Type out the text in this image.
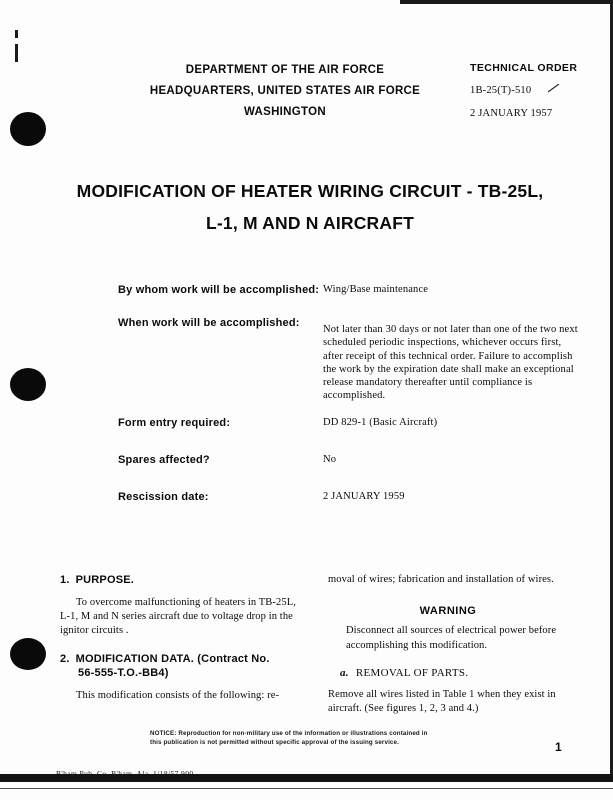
DEPARTMENT OF THE AIR FORCE
HEADQUARTERS, UNITED STATES AIR FORCE
WASHINGTON
TECHNICAL ORDER
1B-25(T)-510
2 JANUARY 1957
MODIFICATION OF HEATER WIRING CIRCUIT - TB-25L,
L-1, M AND N AIRCRAFT
By whom work will be accomplished: Wing/Base maintenance
When work will be accomplished:
Not later than 30 days or not later than one of the two next scheduled periodic inspections, whichever occurs first, after receipt of this technical order. Failure to accomplish the work by the expiration date shall make an exceptional release mandatory thereafter until compliance is accomplished.
Form entry required:	DD 829-1 (Basic Aircraft)
Spares affected?	No
Rescission date:	2 JANUARY 1959
1. PURPOSE.
To overcome malfunctioning of heaters in TB-25L, L-1, M and N series aircraft due to voltage drop in the ignitor circuits .
2. MODIFICATION DATA. (Contract No.
56-555-T.O.-BB4)
This modification consists of the following: re-
moval of wires; fabrication and installation of wires.
WARNING
Disconnect all sources of electrical power before accomplishing this modification.
a. REMOVAL OF PARTS.
Remove all wires listed in Table 1 when they exist in aircraft. (See figures 1, 2, 3 and 4.)
NOTICE: Reproduction for non-military use of the information or illustrations contained in
this publication is not permitted without specific approval of the issuing service.	1
B'ham Pub. Co. B'ham, Ala. 1/18/57 900
